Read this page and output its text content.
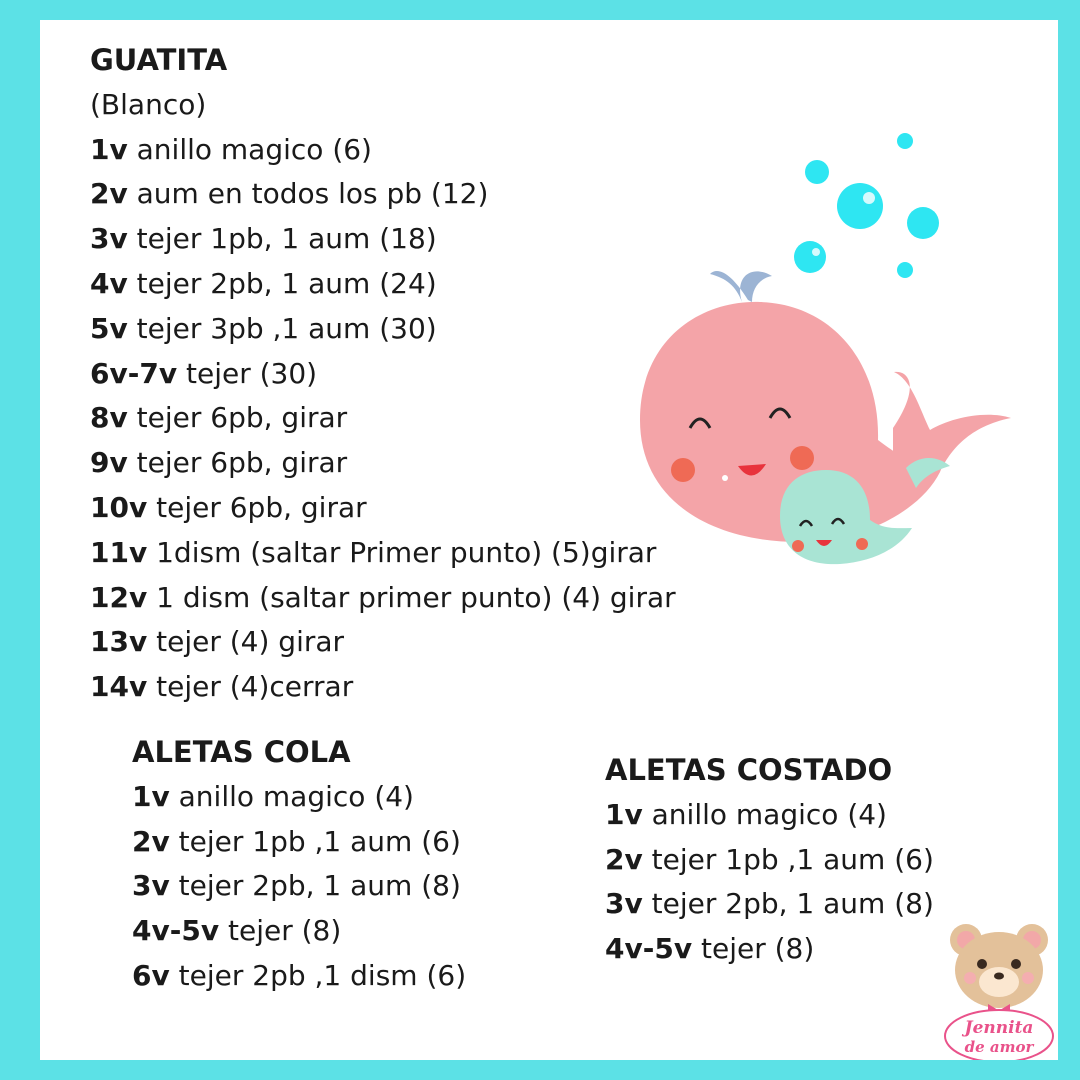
GUATITA
(Blanco)
1v anillo magico (6)
2v aum en todos los pb (12)
3v tejer 1pb, 1 aum (18)
4v tejer 2pb, 1 aum (24)
5v tejer 3pb ,1 aum (30)
6v-7v tejer (30)
8v tejer 6pb, girar
9v tejer 6pb, girar
10v tejer 6pb, girar
11v 1dism (saltar Primer punto) (5)girar
12v 1 dism (saltar primer punto) (4) girar
13v tejer (4) girar
14v tejer (4)cerrar
ALETAS COLA
1v anillo magico (4)
2v tejer 1pb ,1 aum (6)
3v tejer 2pb, 1 aum (8)
4v-5v tejer (8)
6v tejer 2pb ,1 dism (6)
ALETAS COSTADO
1v anillo magico (4)
2v tejer 1pb ,1 aum (6)
3v tejer 2pb, 1 aum (8)
4v-5v tejer (8)
Jennita
de amor
